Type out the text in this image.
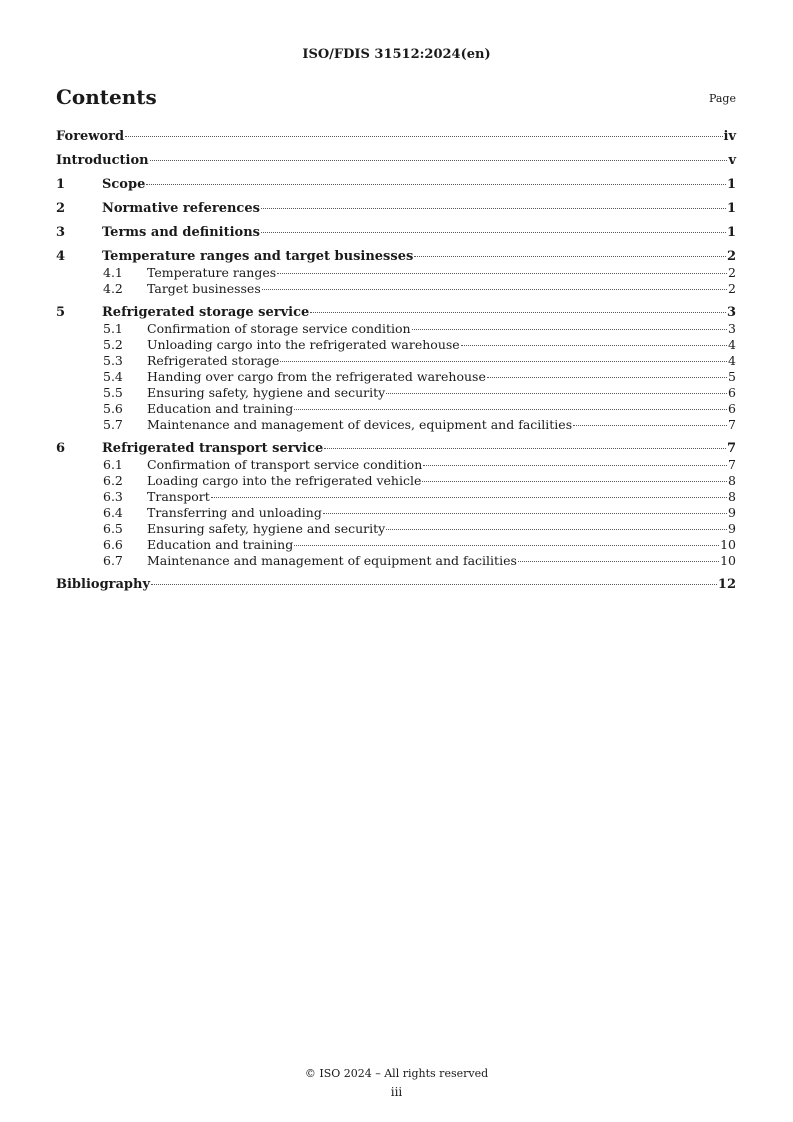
ISO/FDIS 31512:2024(en)
Contents	Page
Foreword	iv
Introduction	v
1	Scope	1
2	Normative references	1
3	Terms and definitions	1
4	Temperature ranges and target businesses	2
4.1	Temperature ranges	2
4.2	Target businesses	2
5	Refrigerated storage service	3
5.1	Confirmation of storage service condition	3
5.2	Unloading cargo into the refrigerated warehouse	4
5.3	Refrigerated storage	4
5.4	Handing over cargo from the refrigerated warehouse	5
5.5	Ensuring safety, hygiene and security	6
5.6	Education and training	6
5.7	Maintenance and management of devices, equipment and facilities	7
6	Refrigerated transport service	7
6.1	Confirmation of transport service condition	7
6.2	Loading cargo into the refrigerated vehicle	8
6.3	Transport	8
6.4	Transferring and unloading	9
6.5	Ensuring safety, hygiene and security	9
6.6	Education and training	10
6.7	Maintenance and management of equipment and facilities	10
Bibliography	12
© ISO 2024 – All rights reserved
iii
